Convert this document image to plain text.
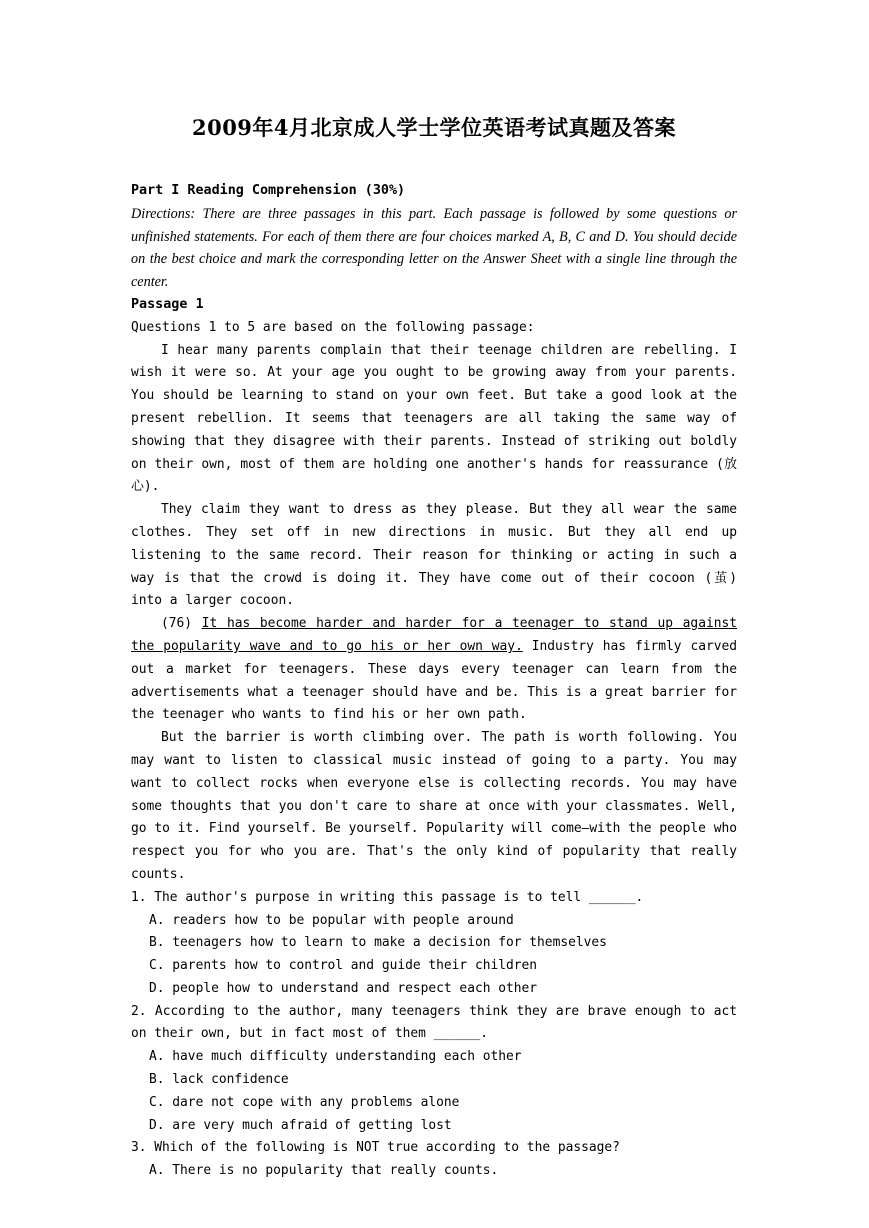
2009年4月北京成人学士学位英语考试真题及答案

Part I Reading Comprehension (30%)

Directions: There are three passages in this part. Each passage is followed by some questions or unfinished statements. For each of them there are four choices marked A, B, C and D. You should decide on the best choice and mark the corresponding letter on the Answer Sheet with a single line through the center.

Passage 1

Questions 1 to 5 are based on the following passage:

I hear many parents complain that their teenage children are rebelling. I wish it were so. At your age you ought to be growing away from your parents. You should be learning to stand on your own feet. But take a good look at the present rebellion. It seems that teenagers are all taking the same way of showing that they disagree with their parents. Instead of striking out boldly on their own, most of them are holding one another's hands for reassurance (放心).

They claim they want to dress as they please. But they all wear the same clothes. They set off in new directions in music. But they all end up listening to the same record. Their reason for thinking or acting in such a way is that the crowd is doing it. They have come out of their cocoon (茧) into a larger cocoon.

(76) It has become harder and harder for a teenager to stand up against the popularity wave and to go his or her own way. Industry has firmly carved out a market for teenagers. These days every teenager can learn from the advertisements what a teenager should have and be. This is a great barrier for the teenager who wants to find his or her own path.

But the barrier is worth climbing over. The path is worth following. You may want to listen to classical music instead of going to a party. You may want to collect rocks when everyone else is collecting records. You may have some thoughts that you don't care to share at once with your classmates. Well, go to it. Find yourself. Be yourself. Popularity will come—with the people who respect you for who you are. That's the only kind of popularity that really counts.

1. The author's purpose in writing this passage is to tell ______.

A. readers how to be popular with people around

B. teenagers how to learn to make a decision for themselves

C. parents how to control and guide their children

D. people how to understand and respect each other

2. According to the author, many teenagers think they are brave enough to act on their own, but in fact most of them ______.

A. have much difficulty understanding each other

B. lack confidence

C. dare not cope with any problems alone

D. are very much afraid of getting lost

3. Which of the following is NOT true according to the passage?

A. There is no popularity that really counts.
